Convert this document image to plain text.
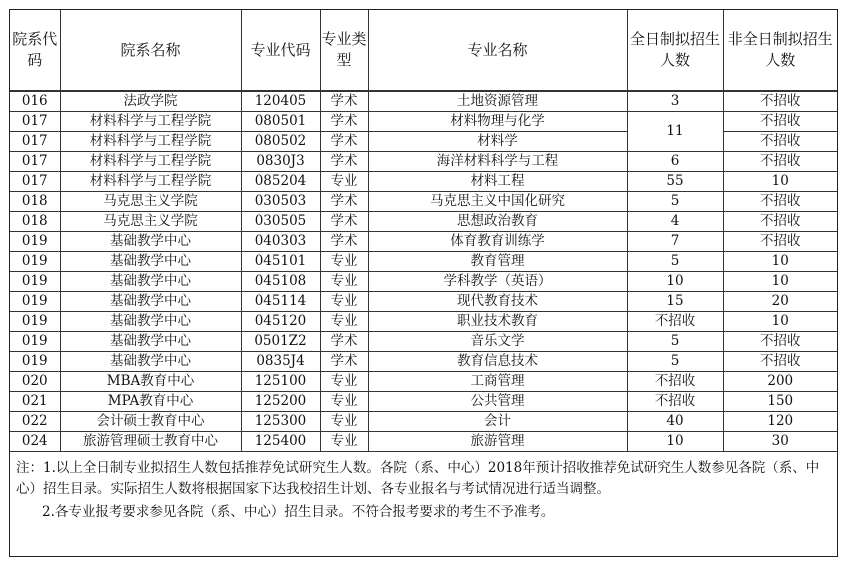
院系代码	院系名称	专业代码	专业类型	专业名称	全日制拟招生人数	非全日制拟招生人数
016	法政学院	120405	学术	土地资源管理	3	不招收
017	材料科学与工程学院	080501	学术	材料物理与化学	11	不招收
017	材料科学与工程学院	080502	学术	材料学		不招收
017	材料科学与工程学院	0830J3	学术	海洋材料科学与工程	6	不招收
017	材料科学与工程学院	085204	专业	材料工程	55	10
018	马克思主义学院	030503	学术	马克思主义中国化研究	5	不招收
018	马克思主义学院	030505	学术	思想政治教育	4	不招收
019	基础教学中心	040303	学术	体育教育训练学	7	不招收
019	基础教学中心	045101	专业	教育管理	5	10
019	基础教学中心	045108	专业	学科教学（英语）	10	10
019	基础教学中心	045114	专业	现代教育技术	15	20
019	基础教学中心	045120	专业	职业技术教育	不招收	10
019	基础教学中心	0501Z2	学术	音乐文学	5	不招收
019	基础教学中心	0835J4	学术	教育信息技术	5	不招收
020	MBA教育中心	125100	专业	工商管理	不招收	200
021	MPA教育中心	125200	专业	公共管理	不招收	150
022	会计硕士教育中心	125300	专业	会计	40	120
024	旅游管理硕士教育中心	125400	专业	旅游管理	10	30

注：1.以上全日制专业拟招生人数包括推荐免试研究生人数。各院（系、中心）2018年预计招收推荐免试研究生人数参见各院（系、中心）招生目录。实际招生人数将根据国家下达我校招生计划、各专业报名与考试情况进行适当调整。

2.各专业报考要求参见各院（系、中心）招生目录。不符合报考要求的考生不予准考。
